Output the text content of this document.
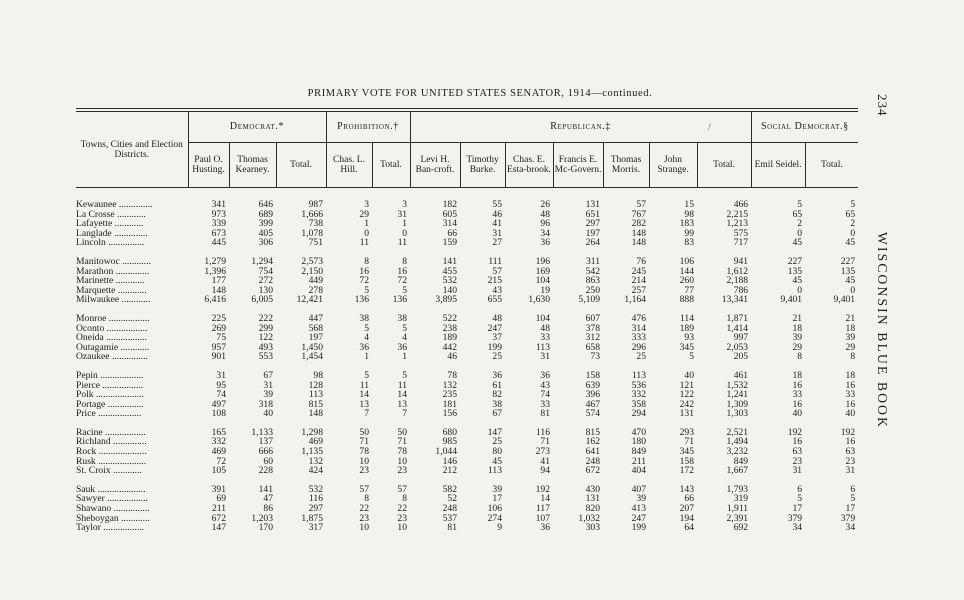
PRIMARY VOTE FOR UNITED STATES SENATOR, 1914—continued.
234
WISCONSIN BLUE BOOK
/
Towns, Cities and Election Districts.	Democrat.*			Prohibition.†		Republican.‡							Social Democrat.§	
	Paul O. Husting.	Thomas Kearney.	Total.	Chas. L. Hill.	Total.	Levi H. Ban-croft.	Timothy Burke.	Chas. E. Esta-brook.	Francis E. Mc-Govern.	Thomas Morris.	John Strange.	Total.	Emil Seidel.	Total.

Kewaunee ..............	341	646	987	3	3	182	55	26	131	57	15	466	5	5
La Crosse ............	973	689	1,666	29	31	605	46	48	651	767	98	2,215	65	65
Lafayette ............	339	399	738	1	1	314	41	96	297	282	183	1,213	2	2
Langlade ..............	673	405	1,078	0	0	66	31	34	197	148	99	575	0	0
Lincoln ...............	445	306	751	11	11	159	27	36	264	148	83	717	45	45

Manitowoc ............	1,279	1,294	2,573	8	8	141	111	196	311	76	106	941	227	227
Marathon ..............	1,396	754	2,150	16	16	455	57	169	542	245	144	1,612	135	135
Marinette ............	177	272	449	72	72	532	215	104	863	214	260	2,188	45	45
Marquette ............	148	130	278	5	5	140	43	19	250	257	77	786	0	0
Milwaukee ............	6,416	6,005	12,421	136	136	3,895	655	1,630	5,109	1,164	888	13,341	9,401	9,401

Monroe .................	225	222	447	38	38	522	48	104	607	476	114	1,871	21	21
Oconto .................	269	299	568	5	5	238	247	48	378	314	189	1,414	18	18
Oneida .................	75	122	197	4	4	189	37	33	312	333	93	997	39	39
Outagamie ............	957	493	1,450	36	36	442	199	113	658	296	345	2,053	29	29
Ozaukee ...............	901	553	1,454	1	1	46	25	31	73	25	5	205	8	8

Pepin ..................	31	67	98	5	5	78	36	36	158	113	40	461	18	18
Pierce .................	95	31	128	11	11	132	61	43	639	536	121	1,532	16	16
Polk ....................	74	39	113	14	14	235	82	74	396	332	122	1,241	33	33
Portage ...............	497	318	815	13	13	181	38	33	467	358	242	1,309	16	16
Price ..................	108	40	148	7	7	156	67	81	574	294	131	1,303	40	40

Racine .................	165	1,133	1,298	50	50	680	147	116	815	470	293	2,521	192	192
Richland ..............	332	137	469	71	71	985	25	71	162	180	71	1,494	16	16
Rock ....................	469	666	1,135	78	78	1,044	80	273	641	849	345	3,232	63	63
Rusk ....................	72	60	132	10	10	146	45	41	248	211	158	849	23	23
St. Croix ............	105	228	424	23	23	212	113	94	672	404	172	1,667	31	31

Sauk ....................	391	141	532	57	57	582	39	192	430	407	143	1,793	6	6
Sawyer .................	69	47	116	8	8	52	17	14	131	39	66	319	5	5
Shawano ...............	211	86	297	22	22	248	106	117	820	413	207	1,911	17	17
Sheboygan ............	672	1,203	1,875	23	23	537	274	107	1,032	247	194	2,391	379	379
Taylor .................	147	170	317	10	10	81	9	36	303	199	64	692	34	34
